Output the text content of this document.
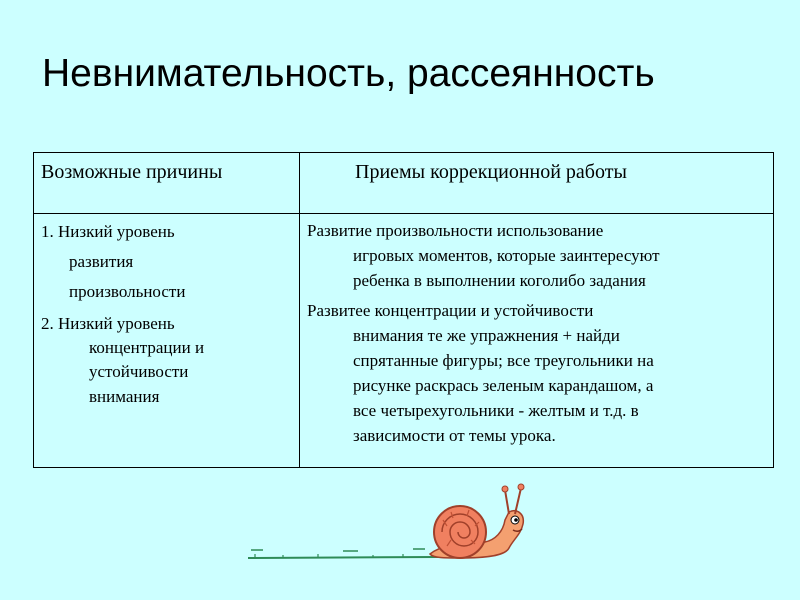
Невнимательность, рассеянность
Возможные причины	Приемы коррекционной работы
1. Низкий уровень
развития
произвольности
2. Низкий уровень
концентрации и
устойчивости
внимания
Развитие произвольности использование
игровых моментов, которые заинтересуют
ребенка в выполнении коголибо задания
Развитее концентрации и устойчивости
внимания те же упражнения + найди
спрятанные фигуры; все треугольники на
рисунке раскрась зеленым карандашом, а
все четырехугольники - желтым и т.д. в
зависимости от темы урока.
